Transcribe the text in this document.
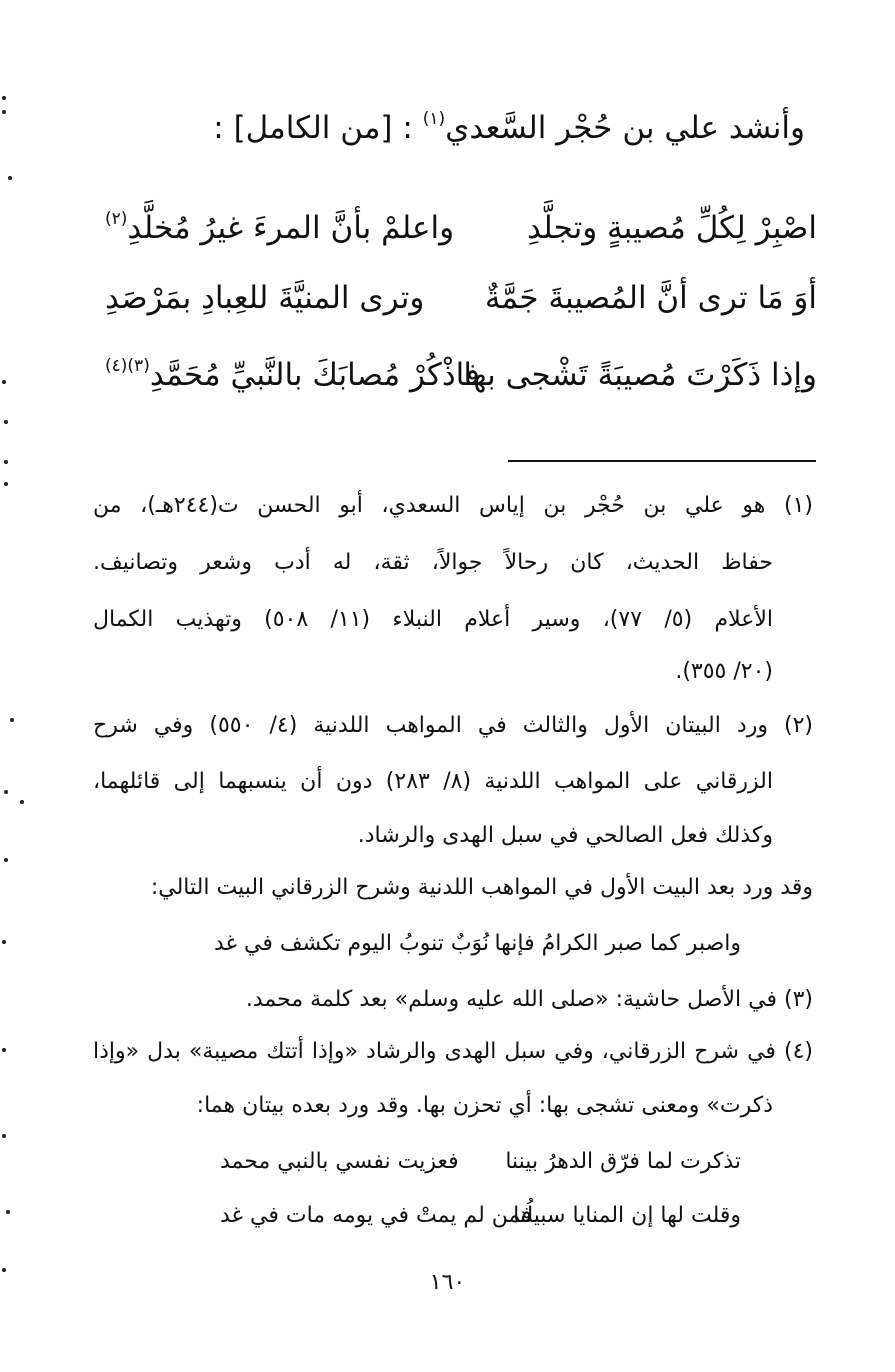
وأنشد علي بن حُجْر السَّعدي$^{(١)}$ : [من الكامل] :
اصْبِرْ لِكُلِّ مُصيبةٍ وتجلَّدِ
واعلمْ بأنَّ المرءَ غيرُ مُخلَّدِ$^{(٢)}$
أوَ مَا ترى أنَّ المُصيبةَ جَمَّةٌ
وترى المنيَّةَ للعِبادِ بمَرْصَدِ
وإذا ذَكَرْتَ مُصيبَةً تَشْجى بها
فاذْكُرْ مُصابَكَ بالنَّبيِّ مُحَمَّدِ$^{(٣)(٤)}$
(١) هو علي بن حُجْر بن إياس السعدي، أبو الحسن ت(٢٤٤هـ)، من
حفاظ الحديث، كان رحالاً جوالاً، ثقة، له أدب وشعر وتصانيف.
الأعلام (٥/ ٧٧)، وسير أعلام النبلاء (١١/ ٥٠٨) وتهذيب الكمال
(٢٠/ ٣٥٥).
(٢) ورد البيتان الأول والثالث في المواهب اللدنية (٤/ ٥٥٠) وفي شرح
الزرقاني على المواهب اللدنية (٨/ ٢٨٣) دون أن ينسبهما إلى قائلهما،
وكذلك فعل الصالحي في سبل الهدى والرشاد.
وقد ورد بعد البيت الأول في المواهب اللدنية وشرح الزرقاني البيت التالي:
واصبر كما صبر الكرامُ فإنها
نُوَبٌ تنوبُ اليوم تكشف في غد
(٣) في الأصل حاشية: «صلى الله عليه وسلم» بعد كلمة محمد.
(٤) في شرح الزرقاني، وفي سبل الهدى والرشاد «وإذا أتتك مصيبة» بدل «وإذا
ذكرت» ومعنى تشجى بها: أي تحزن بها. وقد ورد بعده بيتان هما:
تذكرت لما فرّق الدهرُ بيننا
فعزيت نفسي بالنبي محمد
وقلت لها إن المنايا سبيلُنا
فمن لم يمتْ في يومه مات في غد
١٦٠
